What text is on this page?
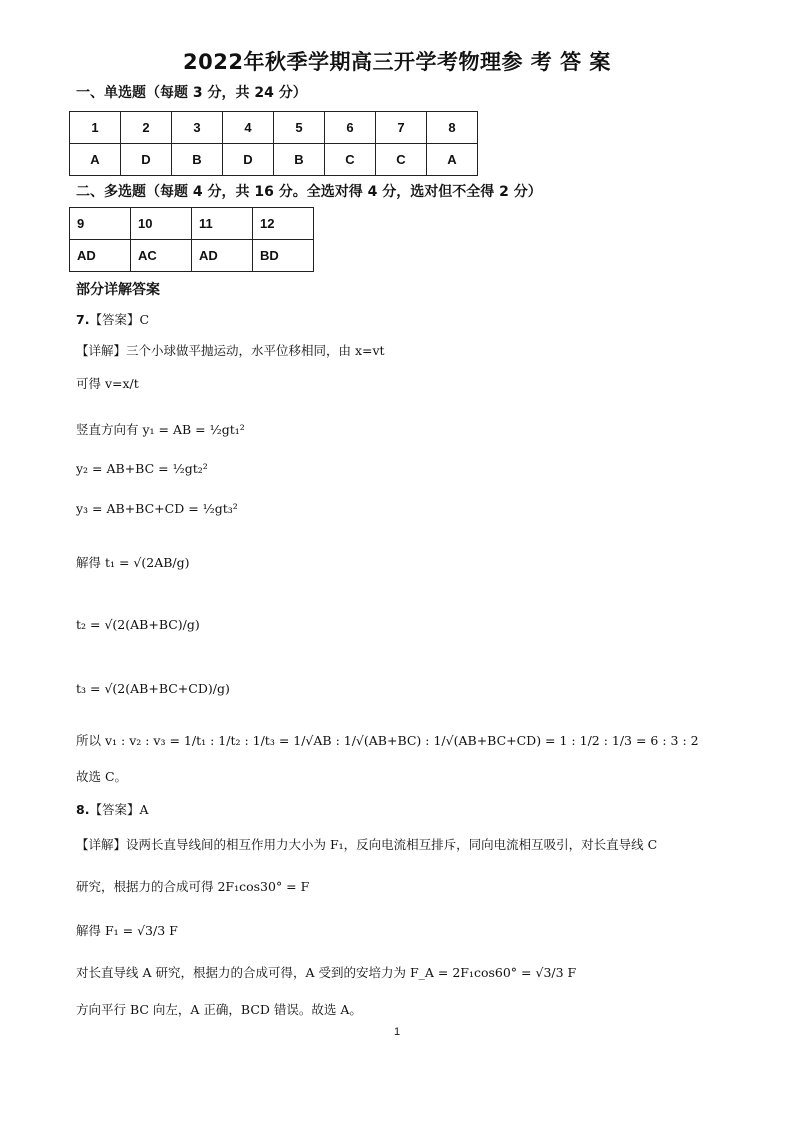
2022年秋季学期高三开学考物理参 考 答 案
一、单选题（每题 3 分，共 24 分）
1	2	3	4	5	6	7	8
A	D	B	D	B	C	C	A
二、多选题（每题 4 分，共 16 分。全选对得 4 分，选对但不全得 2 分）
9	10	11	12
AD	AC	AD	BD
部分详解答案
7.【答案】C
【详解】三个小球做平抛运动，水平位移相同，由 x=vt
可得 v=x/t
竖直方向有 y₁ = AB = ½gt₁²
y₂ = AB+BC = ½gt₂²
y₃ = AB+BC+CD = ½gt₃²
解得 t₁ = √(2AB/g)
t₂ = √(2(AB+BC)/g)
t₃ = √(2(AB+BC+CD)/g)
所以 v₁ : v₂ : v₃ = 1/t₁ : 1/t₂ : 1/t₃ = 1/√AB : 1/√(AB+BC) : 1/√(AB+BC+CD) = 1 : 1/2 : 1/3 = 6 : 3 : 2
故选 C。
8.【答案】A
【详解】设两长直导线间的相互作用力大小为 F₁，反向电流相互排斥，同向电流相互吸引，对长直导线 C
研究，根据力的合成可得 2F₁cos30° = F
解得 F₁ = √3/3 F
对长直导线 A 研究，根据力的合成可得，A 受到的安培力为 F_A = 2F₁cos60° = √3/3 F
方向平行 BC 向左，A 正确，BCD 错误。故选 A。
1
